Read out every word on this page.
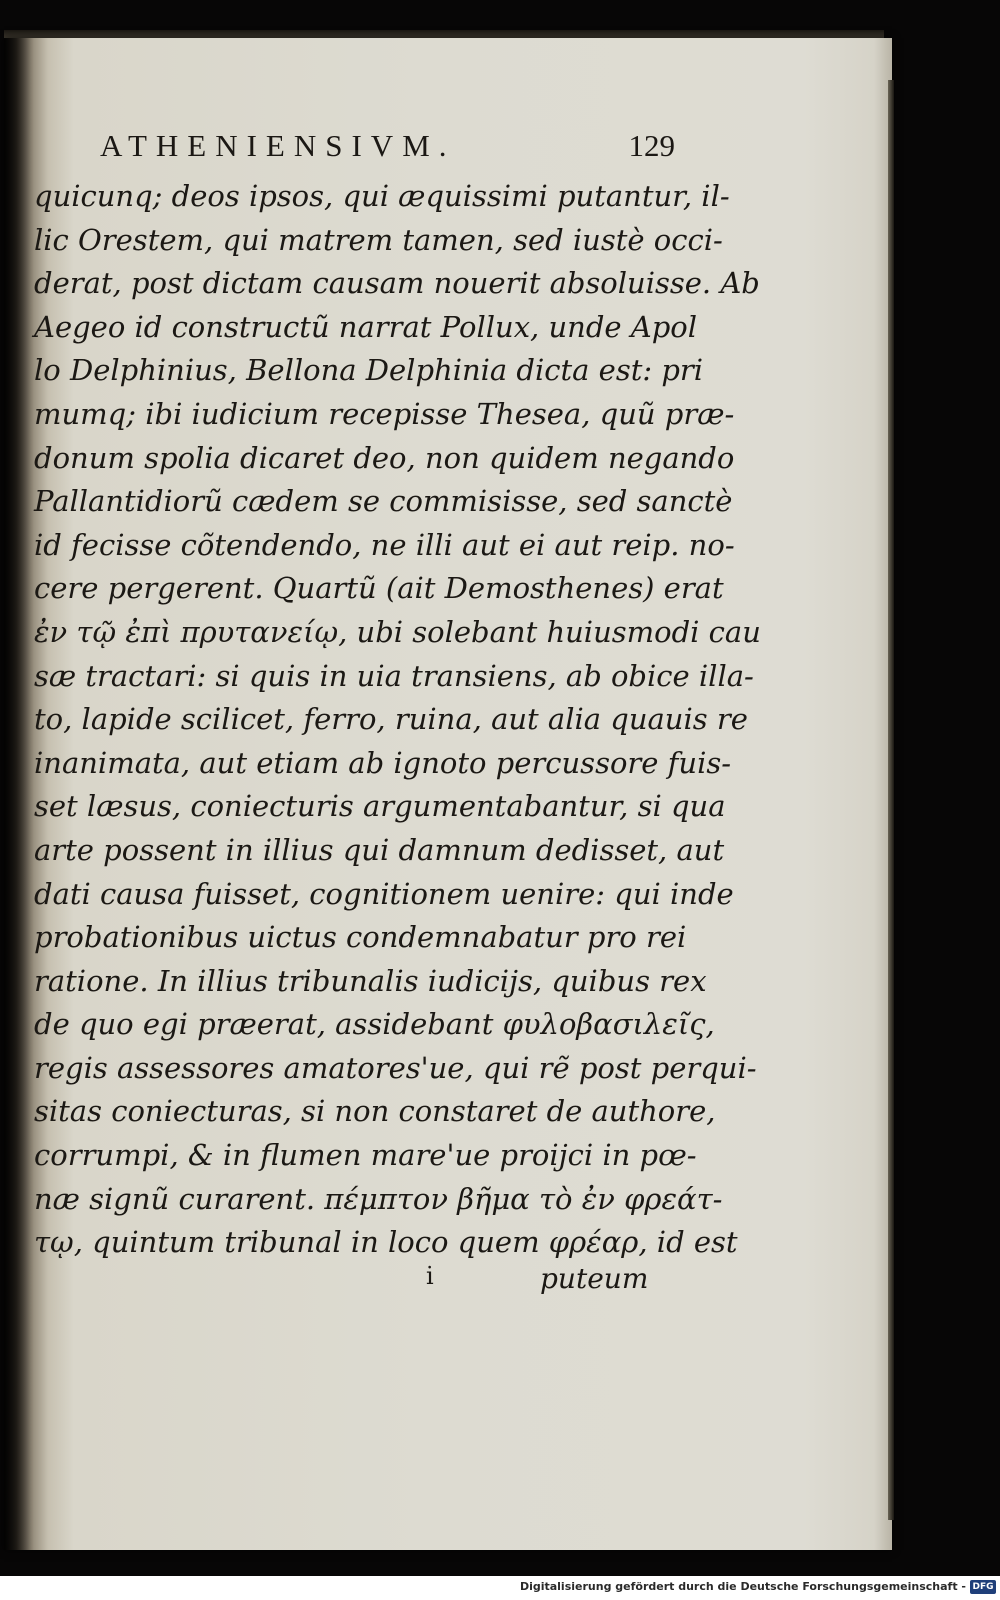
ATHENIENSIVM.	129
quicunq; deos ipsos, qui æquissimi putantur, il-
lic Orestem, qui matrem tamen, sed iustè occi-
derat, post dictam causam nouerit absoluisse. Ab
Aegeo id constructũ narrat Pollux, unde Apol
lo Delphinius, Bellona Delphinia dicta est: pri
mumq; ibi iudicium recepisse Thesea, quũ præ-
donum spolia dicaret deo, non quidem negando
Pallantidiorũ cædem se commisisse, sed sanctè
id fecisse cõtendendo, ne illi aut ei aut reip. no-
cere pergerent. Quartũ (ait Demosthenes) erat
ἐν τῷ ἐπὶ πρυτανείῳ, ubi solebant huiusmodi cau
sæ tractari: si quis in uia transiens, ab obice illa-
to, lapide scilicet, ferro, ruina, aut alia quauis re
inanimata, aut etiam ab ignoto percussore fuis-
set læsus, coniecturis argumentabantur, si qua
arte possent in illius qui damnum dedisset, aut
dati causa fuisset, cognitionem uenire: qui inde
probationibus uictus condemnabatur pro rei
ratione. In illius tribunalis iudicijs, quibus rex
de quo egi præerat, assidebant φυλοβασιλεῖς,
regis assessores amatores'ue, qui rẽ post perqui-
sitas coniecturas, si non constaret de authore,
corrumpi, & in flumen mare'ue proijci in pœ-
næ signũ curarent. πέμπτον βῆμα τὸ ἐν φρεάτ-
τῳ, quintum tribunal in loco quem φρέαρ, id est
i	puteum
Digitalisierung gefördert durch die Deutsche Forschungsgemeinschaft - DFG
